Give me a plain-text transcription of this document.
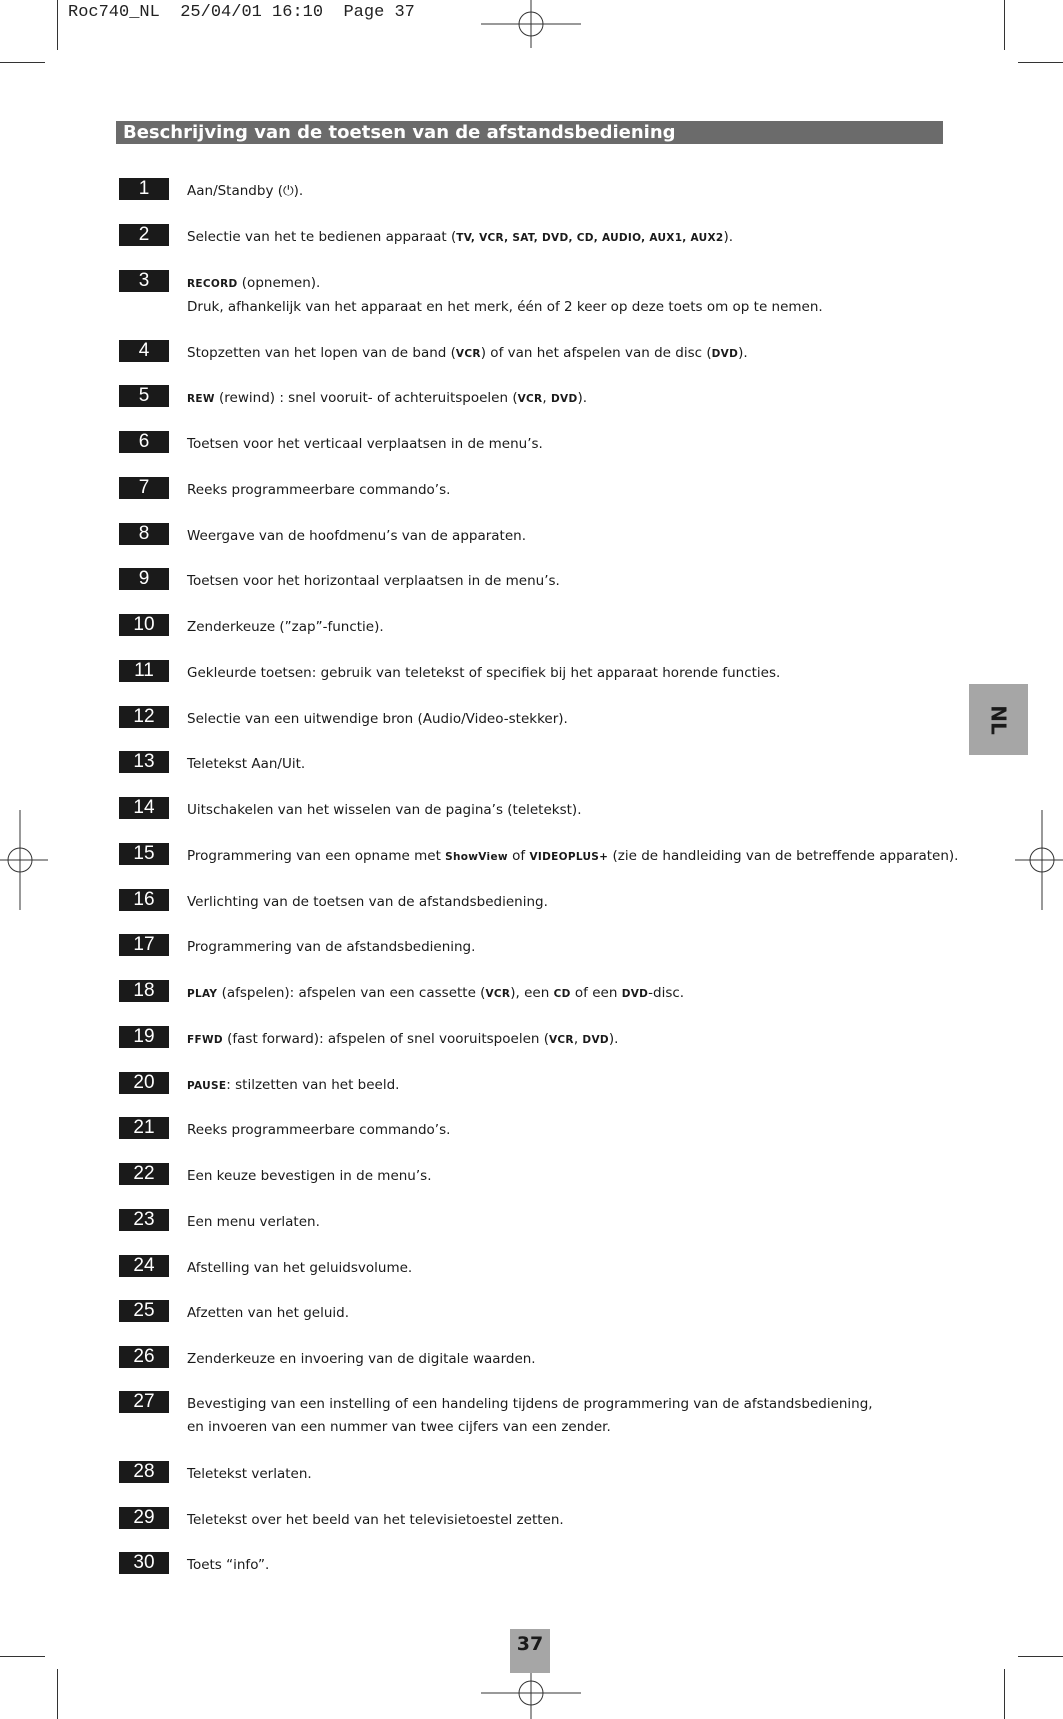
Roc740_NL 25/04/01 16:10 Page 37
Beschrijving van de toetsen van de afstandsbediening
1	Aan/Standby (⏻).
2	Selectie van het te bedienen apparaat (TV, VCR, SAT, DVD, CD, AUDIO, AUX1, AUX2).
3	RECORD (opnemen).
Druk, afhankelijk van het apparaat en het merk, één of 2 keer op deze toets om op te nemen.
4	Stopzetten van het lopen van de band (VCR) of van het afspelen van de disc (DVD).
5	REW (rewind) : snel vooruit- of achteruitspoelen (VCR, DVD).
6	Toetsen voor het verticaal verplaatsen in de menu’s.
7	Reeks programmeerbare commando’s.
8	Weergave van de hoofdmenu’s van de apparaten.
9	Toetsen voor het horizontaal verplaatsen in de menu’s.
10	Zenderkeuze (”zap”-functie).
11	Gekleurde toetsen: gebruik van teletekst of specifiek bij het apparaat horende functies.
12	Selectie van een uitwendige bron (Audio/Video-stekker).
13	Teletekst Aan/Uit.
14	Uitschakelen van het wisselen van de pagina’s (teletekst).
15	Programmering van een opname met ShowView of VIDEOPLUS+ (zie de handleiding van de betreffende apparaten).
16	Verlichting van de toetsen van de afstandsbediening.
17	Programmering van de afstandsbediening.
18	PLAY (afspelen): afspelen van een cassette (VCR), een CD of een DVD-disc.
19	FFWD (fast forward): afspelen of snel vooruitspoelen (VCR, DVD).
20	PAUSE: stilzetten van het beeld.
21	Reeks programmeerbare commando’s.
22	Een keuze bevestigen in de menu’s.
23	Een menu verlaten.
24	Afstelling van het geluidsvolume.
25	Afzetten van het geluid.
26	Zenderkeuze en invoering van de digitale waarden.
27	Bevestiging van een instelling of een handeling tijdens de programmering van de afstandsbediening,
en invoeren van een nummer van twee cijfers van een zender.
28	Teletekst verlaten.
29	Teletekst over het beeld van het televisietoestel zetten.
30	Toets “info”.
NL
37
